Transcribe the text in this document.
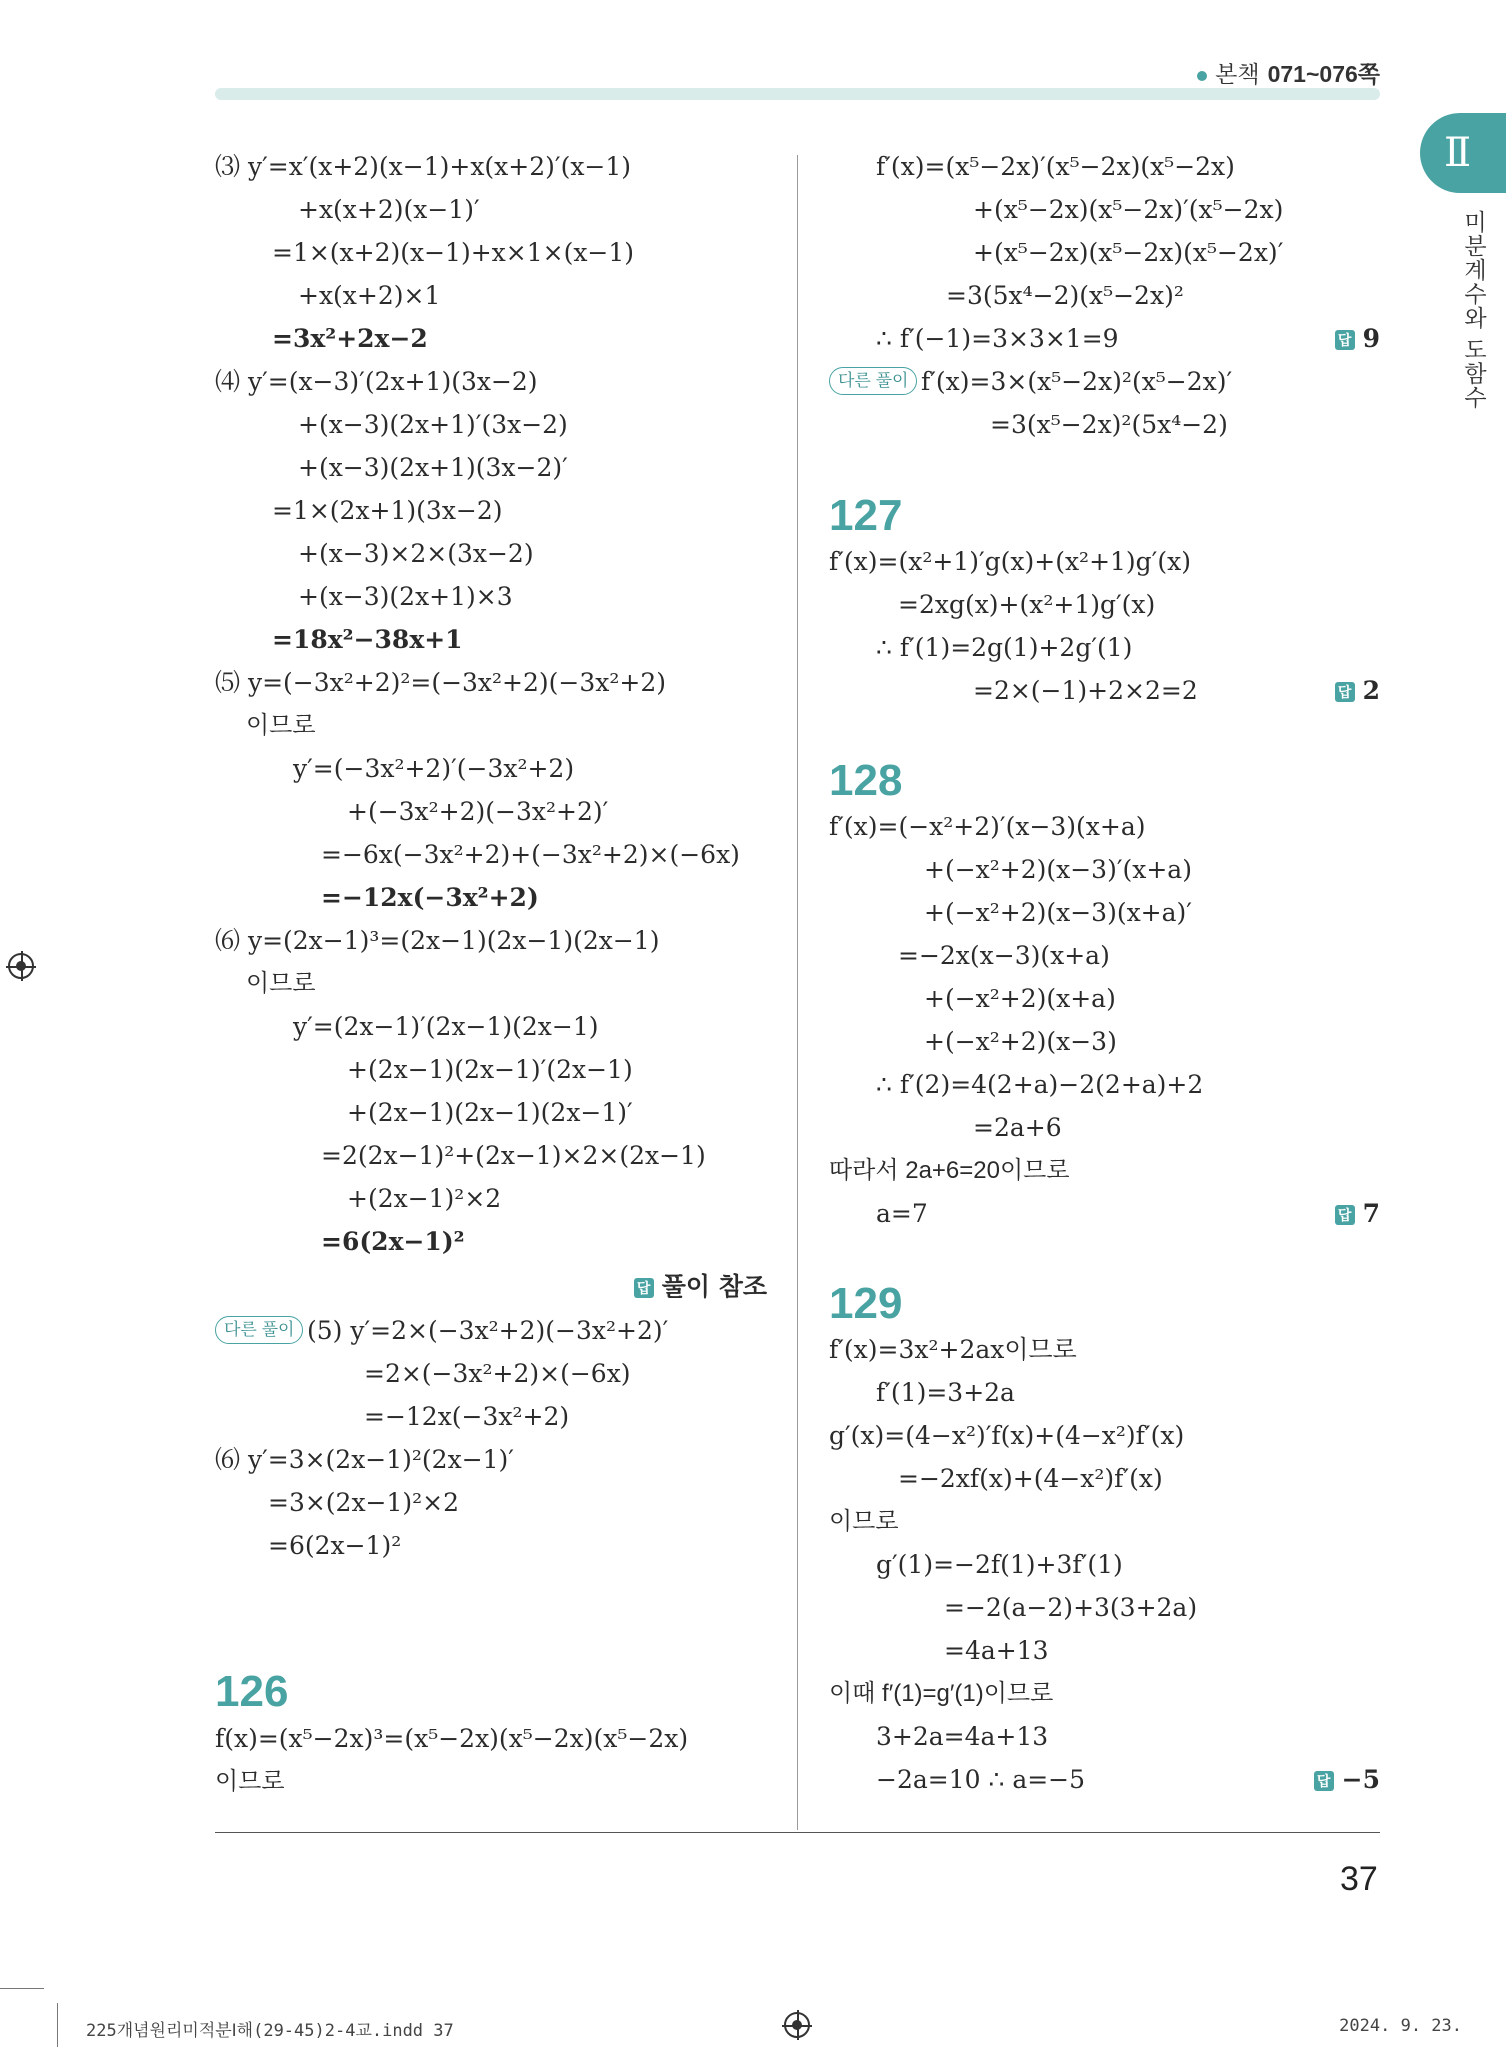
본책 071~076쪽
Ⅱ
미분계수와 도함수
⑶ y′=x′(x+2)(x−1)+x(x+2)′(x−1)
+x(x+2)(x−1)′
=1×(x+2)(x−1)+x×1×(x−1)
+x(x+2)×1
=3x²+2x−2
⑷ y′=(x−3)′(2x+1)(3x−2)
+(x−3)(2x+1)′(3x−2)
+(x−3)(2x+1)(3x−2)′
=1×(2x+1)(3x−2)
+(x−3)×2×(3x−2)
+(x−3)(2x+1)×3
=18x²−38x+1
⑸ y=(−3x²+2)²=(−3x²+2)(−3x²+2)
이므로
y′=(−3x²+2)′(−3x²+2)
+(−3x²+2)(−3x²+2)′
=−6x(−3x²+2)+(−3x²+2)×(−6x)
=−12x(−3x²+2)
⑹ y=(2x−1)³=(2x−1)(2x−1)(2x−1)
이므로
y′=(2x−1)′(2x−1)(2x−1)
+(2x−1)(2x−1)′(2x−1)
+(2x−1)(2x−1)(2x−1)′
=2(2x−1)²+(2x−1)×2×(2x−1)
+(2x−1)²×2
=6(2x−1)²
답 풀이 참조
다른 풀이 (5) y′=2×(−3x²+2)(−3x²+2)′
=2×(−3x²+2)×(−6x)
=−12x(−3x²+2)
⑹ y′=3×(2x−1)²(2x−1)′
=3×(2x−1)²×2
=6(2x−1)²
126
f(x)=(x⁵−2x)³=(x⁵−2x)(x⁵−2x)(x⁵−2x)
이므로
f′(x)=(x⁵−2x)′(x⁵−2x)(x⁵−2x)
+(x⁵−2x)(x⁵−2x)′(x⁵−2x)
+(x⁵−2x)(x⁵−2x)(x⁵−2x)′
=3(5x⁴−2)(x⁵−2x)²
∴ f′(−1)=3×3×1=9	답 9
다른 풀이 f′(x)=3×(x⁵−2x)²(x⁵−2x)′
=3(x⁵−2x)²(5x⁴−2)
127
f′(x)=(x²+1)′g(x)+(x²+1)g′(x)
=2xg(x)+(x²+1)g′(x)
∴ f′(1)=2g(1)+2g′(1)
=2×(−1)+2×2=2	답 2
128
f′(x)=(−x²+2)′(x−3)(x+a)
+(−x²+2)(x−3)′(x+a)
+(−x²+2)(x−3)(x+a)′
=−2x(x−3)(x+a)
+(−x²+2)(x+a)
+(−x²+2)(x−3)
∴ f′(2)=4(2+a)−2(2+a)+2
=2a+6
따라서 2a+6=20이므로
a=7	답 7
129
f′(x)=3x²+2ax이므로
f′(1)=3+2a
g′(x)=(4−x²)′f(x)+(4−x²)f′(x)
=−2xf(x)+(4−x²)f′(x)
이므로
g′(1)=−2f(1)+3f′(1)
=−2(a−2)+3(3+2a)
=4a+13
이때 f′(1)=g′(1)이므로
3+2a=4a+13
−2a=10 ∴ a=−5	답 −5
37
225개념원리미적분Ⅰ해(29-45)2-4교.indd 37	2024. 9. 23.
